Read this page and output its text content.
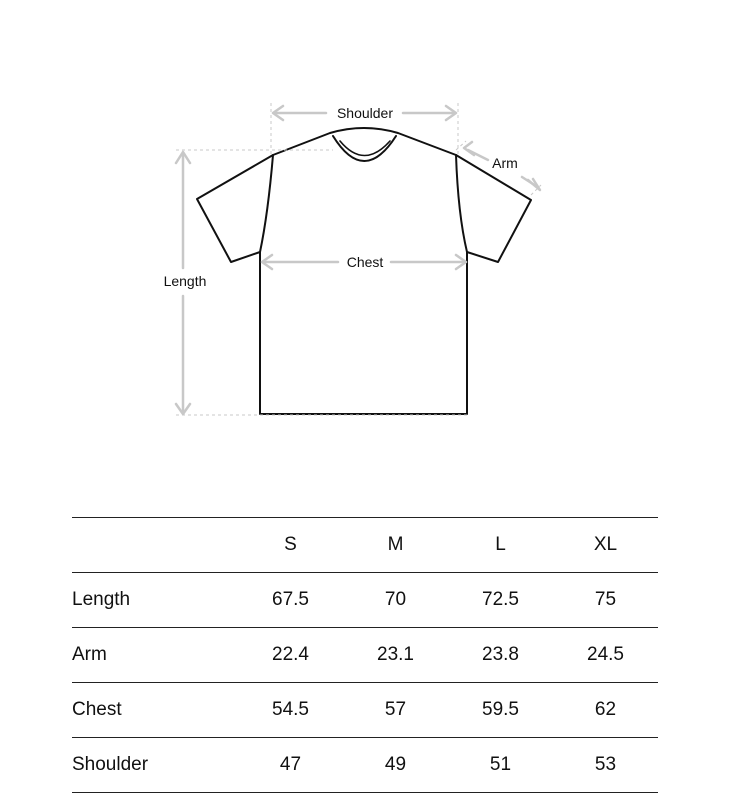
Shoulder
Chest
Length
Arm
	S	M	L	XL
Length	67.5	70	72.5	75
Arm	22.4	23.1	23.8	24.5
Chest	54.5	57	59.5	62
Shoulder	47	49	51	53
